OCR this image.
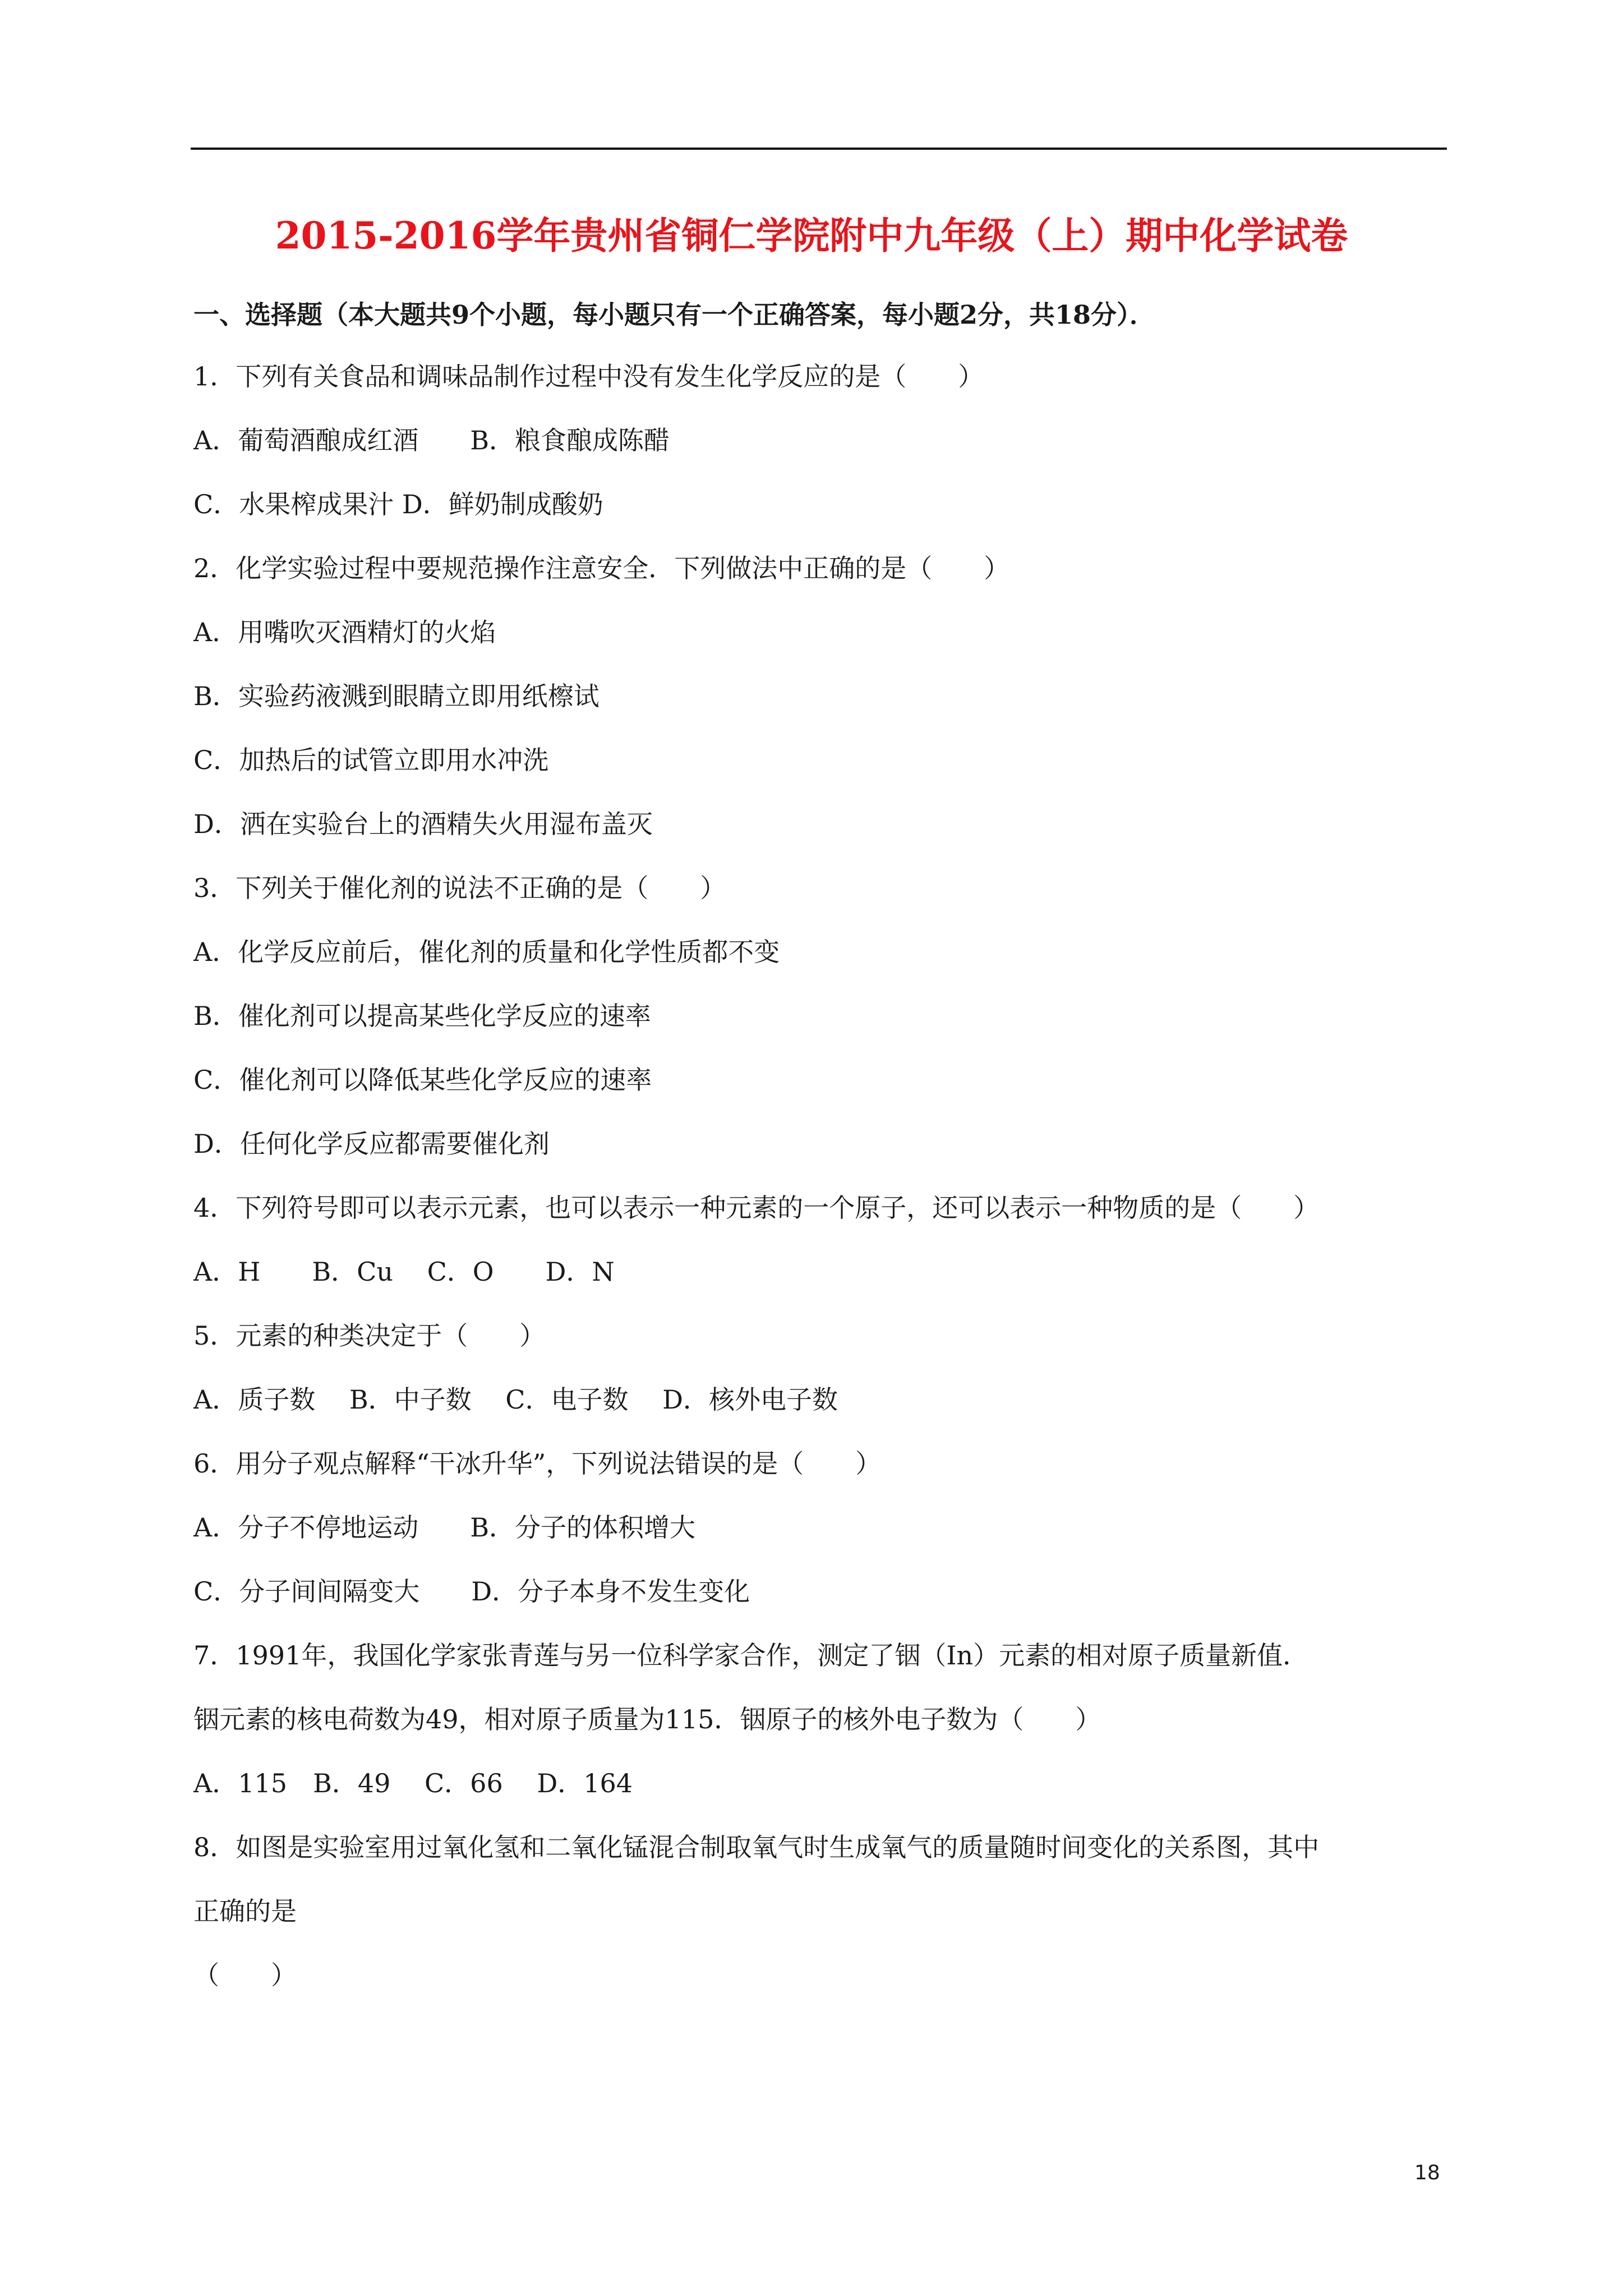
2015-2016学年贵州省铜仁学院附中九年级（上）期中化学试卷
一、选择题（本大题共9个小题，每小题只有一个正确答案，每小题2分，共18分）．
1．下列有关食品和调味品制作过程中没有发生化学反应的是（　　）
A．葡萄酒酿成红酒　　B．粮食酿成陈醋
C．水果榨成果汁 D．鲜奶制成酸奶
2．化学实验过程中要规范操作注意安全．下列做法中正确的是（　　）
A．用嘴吹灭酒精灯的火焰
B．实验药液溅到眼睛立即用纸檫试
C．加热后的试管立即用水冲洗
D．洒在实验台上的酒精失火用湿布盖灭
3．下列关于催化剂的说法不正确的是（　　）
A．化学反应前后，催化剂的质量和化学性质都不变
B．催化剂可以提高某些化学反应的速率
C．催化剂可以降低某些化学反应的速率
D．任何化学反应都需要催化剂
4．下列符号即可以表示元素，也可以表示一种元素的一个原子，还可以表示一种物质的是（　　）
A．H　　B．Cu　 C．O　　D．N
5．元素的种类决定于（　　）
A．质子数　 B．中子数　 C．电子数　 D．核外电子数
6．用分子观点解释“干冰升华”，下列说法错误的是（　　）
A．分子不停地运动　　B．分子的体积增大
C．分子间间隔变大　　D．分子本身不发生变化
7．1991年，我国化学家张青莲与另一位科学家合作，测定了铟（In）元素的相对原子质量新值．
铟元素的核电荷数为49，相对原子质量为115．铟原子的核外电子数为（　　）
A．115　B．49　 C．66　 D．164
8．如图是实验室用过氧化氢和二氧化锰混合制取氧气时生成氧气的质量随时间变化的关系图，其中
正确的是
（　　）
18
